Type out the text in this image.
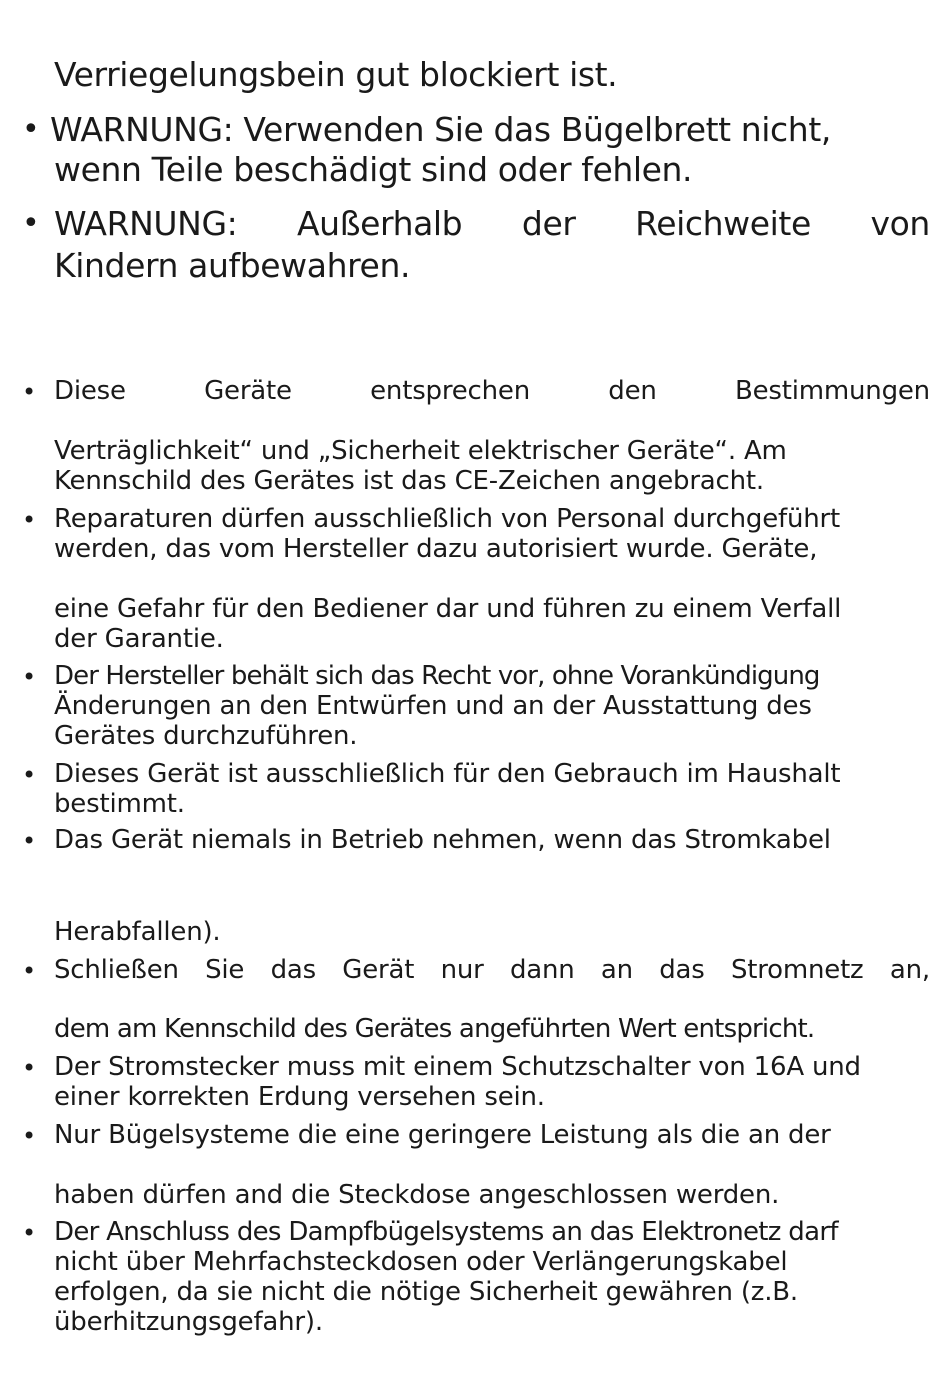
Verriegelungsbein gut blockiert ist.
• WARNUNG: Verwenden Sie das Bügelbrett nicht,
wenn Teile beschädigt sind oder fehlen.
• WARNUNG: Außerhalb der Reichweite von
Kindern aufbewahren.
• Diese	Geräte	entsprechen	den	Bestimmungen
Verträglichkeit“ und „Sicherheit elektrischer Geräte“. Am
Kennschild des Gerätes ist das CE-Zeichen angebracht.
• Reparaturen dürfen ausschließlich von Personal durchgeführt
werden, das vom Hersteller dazu autorisiert wurde. Geräte,
eine Gefahr für den Bediener dar und führen zu einem Verfall
der Garantie.
• Der Hersteller behält sich das Recht vor, ohne Vorankündigung
Änderungen an den Entwürfen und an der Ausstattung des
Gerätes durchzuführen.
• Dieses Gerät ist ausschließlich für den Gebrauch im Haushalt
bestimmt.
• Das Gerät niemals in Betrieb nehmen, wenn das Stromkabel
Herabfallen).
• Schließen Sie das Gerät nur dann an das Stromnetz an,
dem am Kennschild des Gerätes angeführten Wert entspricht.
• Der Stromstecker muss mit einem Schutzschalter von 16A und
einer korrekten Erdung versehen sein.
• Nur Bügelsysteme die eine geringere Leistung als die an der
haben dürfen and die Steckdose angeschlossen werden.
• Der Anschluss des Dampfbügelsystems an das Elektronetz darf
nicht über Mehrfachsteckdosen oder Verlängerungskabel
erfolgen, da sie nicht die nötige Sicherheit gewähren (z.B.
überhitzungsgefahr).
